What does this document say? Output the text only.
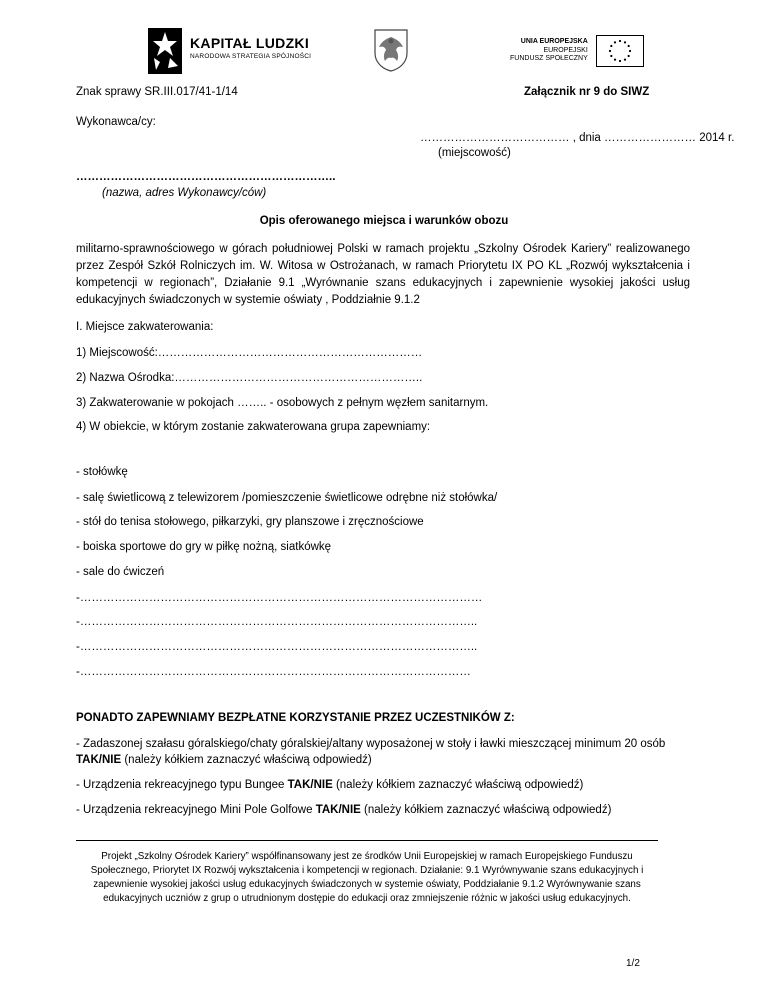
KAPITAŁ LUDZKI
NARODOWA STRATEGIA SPÓJNOŚCI
UNIA EUROPEJSKA
EUROPEJSKI
FUNDUSZ SPOŁECZNY
Znak sprawy SR.III.017/41-1/14	Załącznik nr 9 do SIWZ
Wykonawca/cy:
………………………………… , dnia …………………… 2014 r.
(miejscowość)
…………………………………………………………..
(nazwa, adres Wykonawcy/ców)
Opis oferowanego miejsca i warunków obozu
militarno-sprawnościowego w górach południowej Polski w ramach projektu „Szkolny Ośrodek Kariery” realizowanego przez Zespół Szkół Rolniczych im. W. Witosa w Ostrożanach, w ramach Priorytetu IX PO KL „Rozwój wykształcenia i kompetencji w regionach”, Działanie 9.1 „Wyrównanie szans edukacyjnych i zapewnienie wysokiej jakości usług edukacyjnych świadczonych w systemie oświaty , Poddziałnie 9.1.2
I. Miejsce zakwaterowania:
1) Miejscowość:……………………………………………………………
2) Nazwa Ośrodka:………………………………………………………..
3) Zakwaterowanie w pokojach …….. - osobowych z pełnym węzłem sanitarnym.
4) W obiekcie, w którym zostanie zakwaterowana grupa zapewniamy:
- stołówkę
- salę świetlicową z telewizorem /pomieszczenie świetlicowe odrębne niż stołówka/
- stół do tenisa stołowego, piłkarzyki, gry planszowe i zręcznościowe
- boiska sportowe do gry w piłkę nożną, siatkówkę
- sale do ćwiczeń
-……………………………………………………………………………………………
-…………………………………………………………………………………………..
-…………………………………………………………………………………………..
-…………………………………………………………………………………………
PONADTO ZAPEWNIAMY BEZPŁATNE KORZYSTANIE PRZEZ UCZESTNIKÓW Z:
- Zadaszonej szałasu góralskiego/chaty góralskiej/altany wyposażonej w stoły i ławki mieszczącej minimum 20 osób
TAK/NIE (należy kółkiem zaznaczyć właściwą odpowiedź)
- Urządzenia rekreacyjnego typu Bungee TAK/NIE (należy kółkiem zaznaczyć właściwą odpowiedź)
- Urządzenia rekreacyjnego Mini Pole Golfowe TAK/NIE (należy kółkiem zaznaczyć właściwą odpowiedź)
Projekt „Szkolny Ośrodek Kariery” współfinansowany jest ze środków Unii Europejskiej w ramach Europejskiego Funduszu Społecznego, Priorytet IX Rozwój wykształcenia i kompetencji w regionach. Działanie: 9.1 Wyrównywanie szans edukacyjnych i zapewnienie wysokiej jakości usług edukacyjnych świadczonych w systemie oświaty, Poddziałanie 9.1.2 Wyrównywanie szans edukacyjnych uczniów z grup o utrudnionym dostępie do edukacji oraz zmniejszenie różnic w jakości usług edukacyjnych.
1/2
